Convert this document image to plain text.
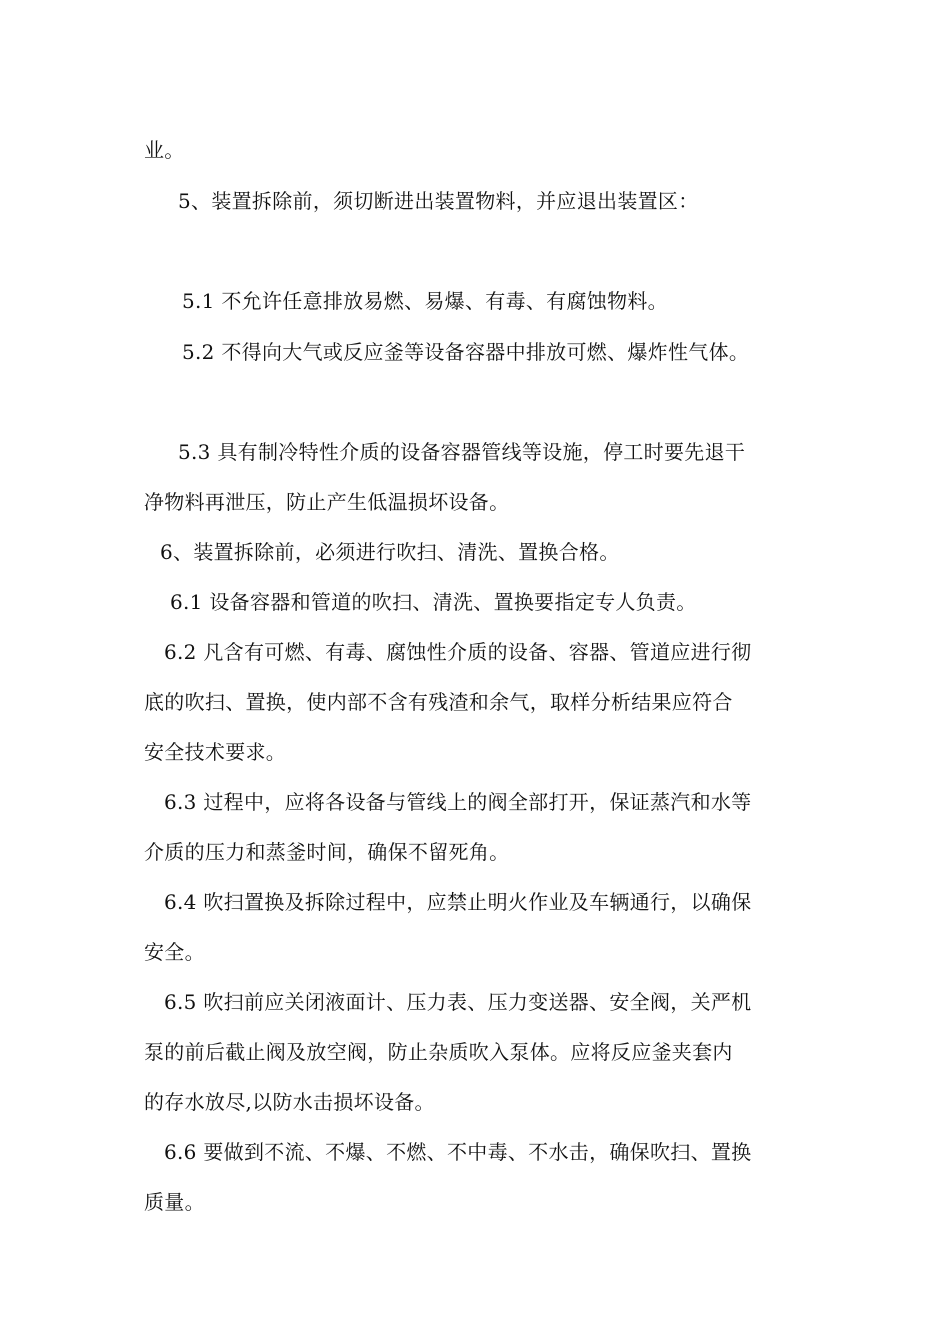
业。
5、装置拆除前，须切断进出装置物料，并应退出装置区：
5.1 不允许任意排放易燃、易爆、有毒、有腐蚀物料。
5.2 不得向大气或反应釜等设备容器中排放可燃、爆炸性气体。
5.3 具有制冷特性介质的设备容器管线等设施，停工时要先退干
净物料再泄压，防止产生低温损坏设备。
6、装置拆除前，必须进行吹扫、清洗、置换合格。
6.1 设备容器和管道的吹扫、清洗、置换要指定专人负责。
6.2 凡含有可燃、有毒、腐蚀性介质的设备、容器、管道应进行彻
底的吹扫、置换，使内部不含有残渣和余气，取样分析结果应符合
安全技术要求。
6.3 过程中，应将各设备与管线上的阀全部打开，保证蒸汽和水等
介质的压力和蒸釜时间，确保不留死角。
6.4 吹扫置换及拆除过程中，应禁止明火作业及车辆通行，以确保
安全。
6.5 吹扫前应关闭液面计、压力表、压力变送器、安全阀，关严机
泵的前后截止阀及放空阀，防止杂质吹入泵体。应将反应釜夹套内
的存水放尽,以防水击损坏设备。
6.6 要做到不流、不爆、不燃、不中毒、不水击，确保吹扫、置换
质量。
